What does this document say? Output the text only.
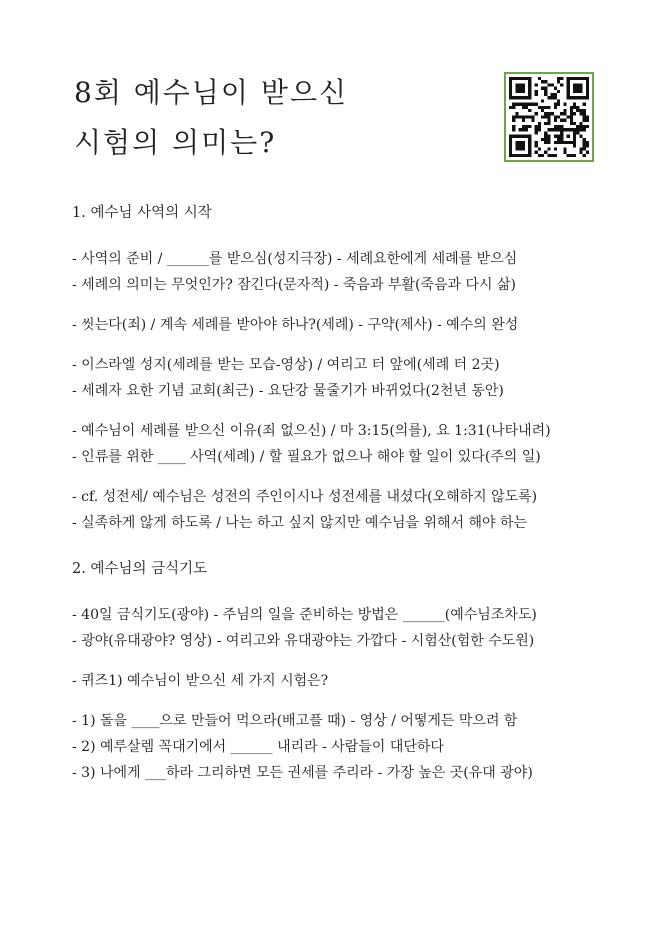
8회 예수님이 받으신
시험의 의미는?
1. 예수님 사역의 시작
- 사역의 준비 / ______를 받으심(성지극장) - 세례요한에게 세례를 받으심
- 세례의 의미는 무엇인가? 잠긴다(문자적) - 죽음과 부활(죽음과 다시 삶)
- 씻는다(죄) / 계속 세례를 받아야 하나?(세례) - 구약(제사) - 예수의 완성
- 이스라엘 성지(세례를 받는 모습-영상) / 여리고 터 앞에(세례 터 2곳)
- 세례자 요한 기념 교회(최근) - 요단강 물줄기가 바뀌었다(2천년 동안)
- 예수님이 세례를 받으신 이유(죄 없으신) / 마 3:15(의를), 요 1:31(나타내려)
- 인류를 위한 ____ 사역(세례) / 할 필요가 없으나 해야 할 일이 있다(주의 일)
- cf. 성전세/ 예수님은 성전의 주인이시나 성전세를 내셨다(오해하지 않도록)
- 실족하게 않게 하도록 / 나는 하고 싶지 않지만 예수님을 위해서 해야 하는
2. 예수님의 금식기도
- 40일 금식기도(광야) - 주님의 일을 준비하는 방법은 ______(예수님조차도)
- 광야(유대광야? 영상) - 여리고와 유대광야는 가깝다 - 시험산(험한 수도원)
- 퀴즈1) 예수님이 받으신 세 가지 시험은?
- 1) 돌을 ____으로 만들어 먹으라(배고플 때) - 영상 / 어떻게든 막으려 함
- 2) 예루살렘 꼭대기에서 ______ 내리라 - 사람들이 대단하다
- 3) 나에게 ___하라 그리하면 모든 권세를 주리라 - 가장 높은 곳(유대 광야)
